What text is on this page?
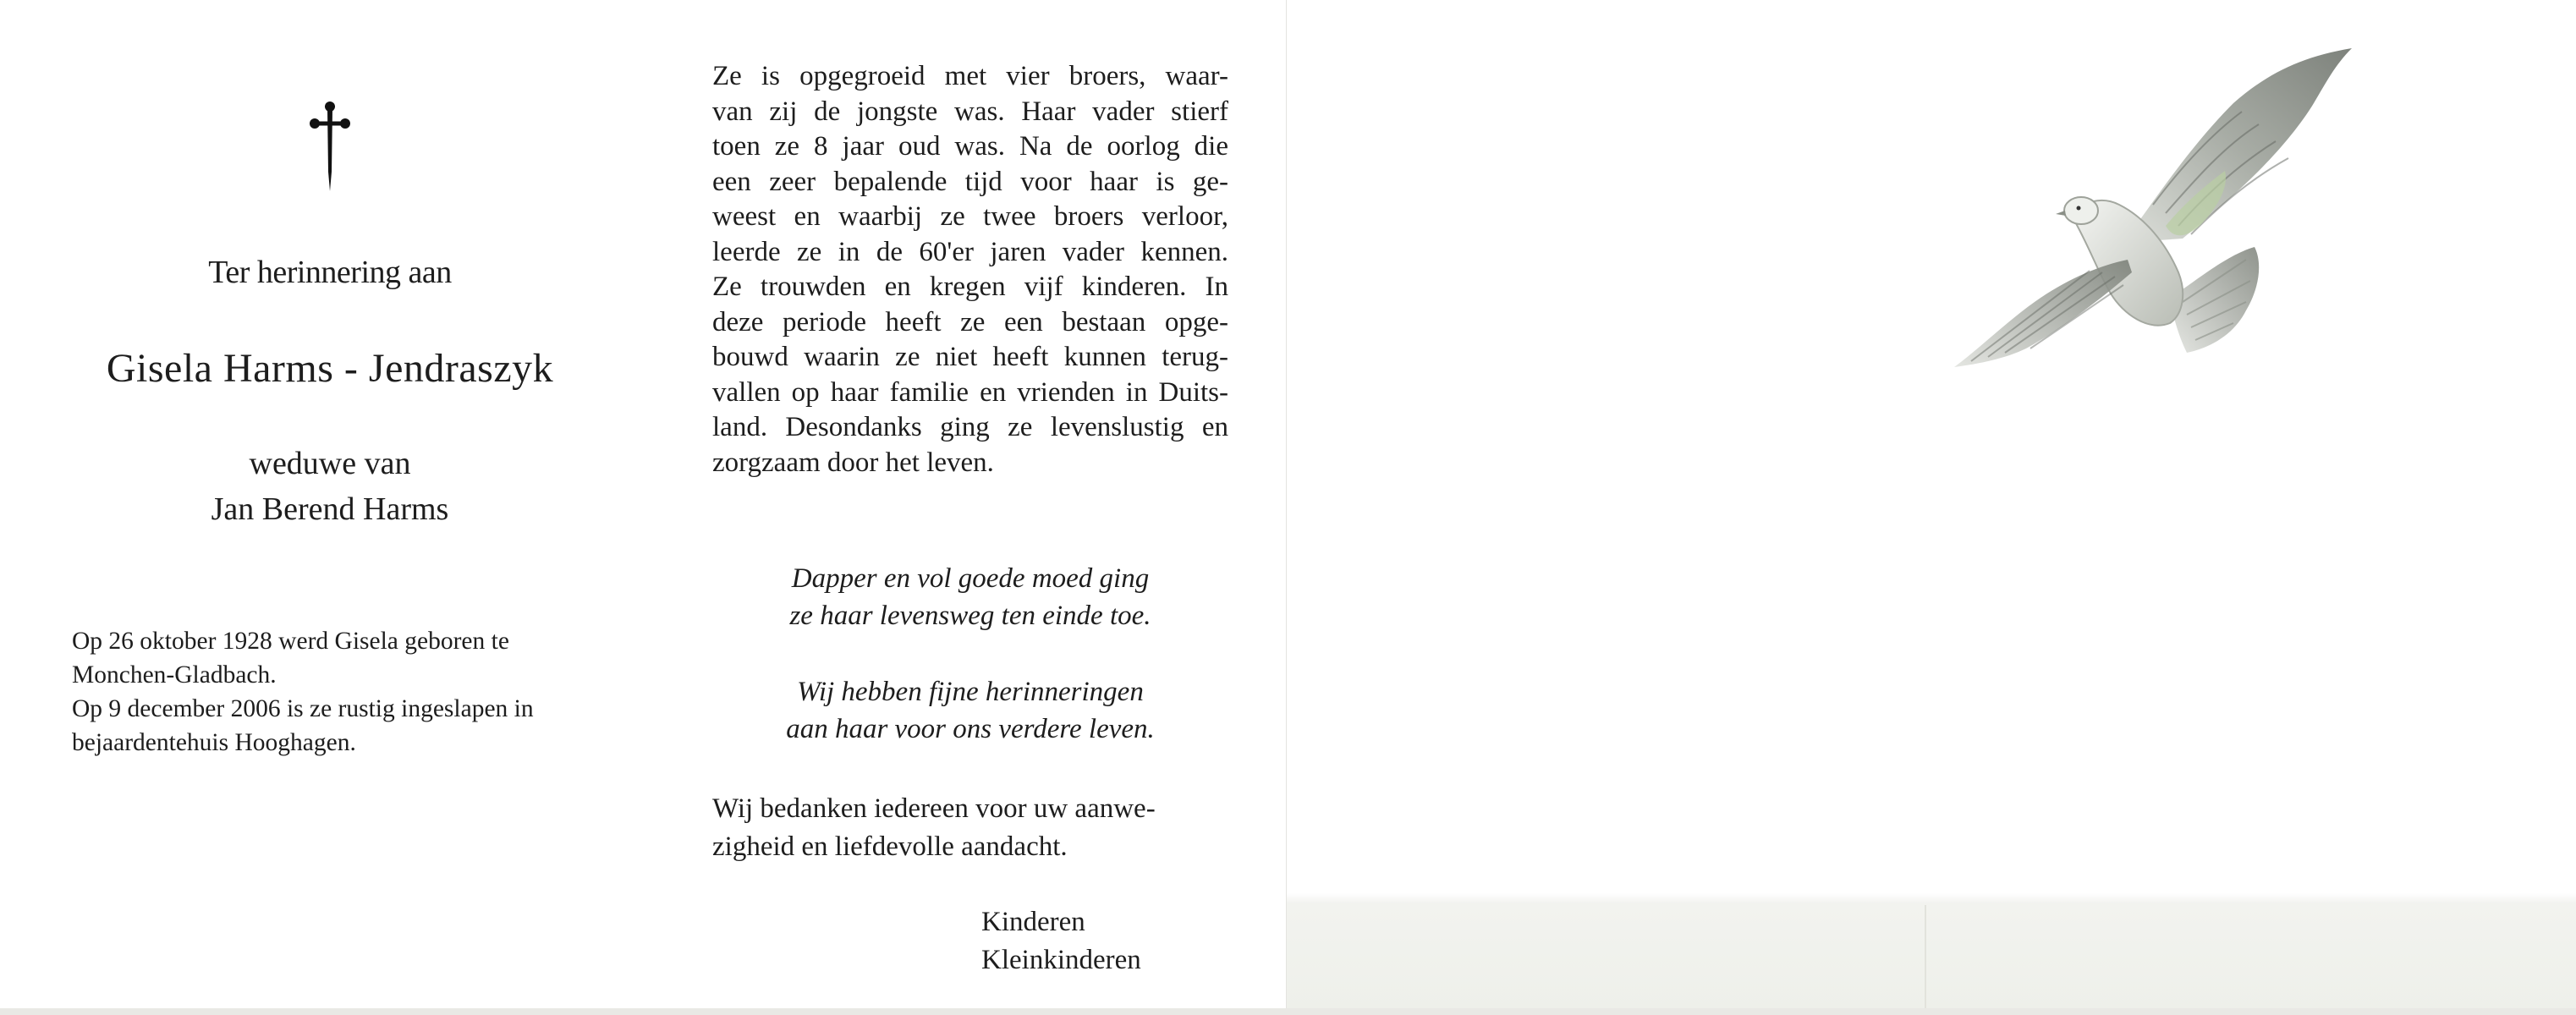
Ter herinnering aan
Gisela Harms - Jendraszyk
weduwe van
Jan Berend Harms
Op 26 oktober 1928 werd Gisela geboren te
Monchen-Gladbach.
Op 9 december 2006 is ze rustig ingeslapen in
bejaardentehuis Hooghagen.
Ze is opgegroeid met vier broers, waar-
van zij de jongste was. Haar vader stierf
toen ze 8 jaar oud was. Na de oorlog die
een zeer bepalende tijd voor haar is ge-
weest en waarbij ze twee broers verloor,
leerde ze in de 60'er jaren vader kennen.
Ze trouwden en kregen vijf kinderen. In
deze periode heeft ze een bestaan opge-
bouwd waarin ze niet heeft kunnen terug-
vallen op haar familie en vrienden in Duits-
land. Desondanks ging ze levenslustig en
zorgzaam door het leven.
Dapper en vol goede moed ging
ze haar levensweg ten einde toe.
Wij hebben fijne herinneringen
aan haar voor ons verdere leven.
Wij bedanken iedereen voor uw aanwe-
zigheid en liefdevolle aandacht.
Kinderen
Kleinkinderen
